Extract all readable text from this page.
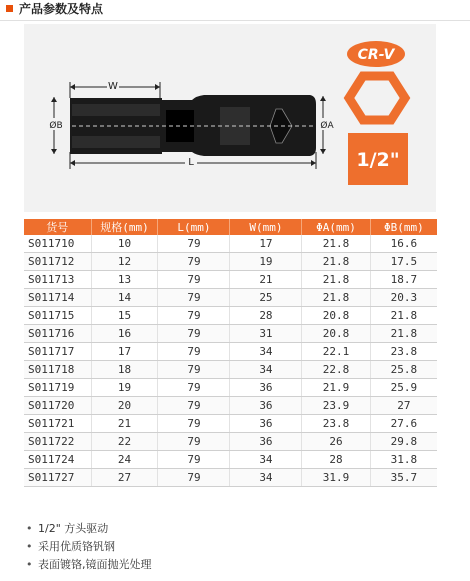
产品参数及特点
W
L
ØB	ØA
CR-V
1/2"
货号	规格(mm)	L(mm)	W(mm)	ΦA(mm)	ΦB(mm)
S011710	10	79	17	21.8	16.6
S011712	12	79	19	21.8	17.5
S011713	13	79	21	21.8	18.7
S011714	14	79	25	21.8	20.3
S011715	15	79	28	20.8	21.8
S011716	16	79	31	20.8	21.8
S011717	17	79	34	22.1	23.8
S011718	18	79	34	22.8	25.8
S011719	19	79	36	21.9	25.9
S011720	20	79	36	23.9	27
S011721	21	79	36	23.8	27.6
S011722	22	79	36	26	29.8
S011724	24	79	34	28	31.8
S011727	27	79	34	31.9	35.7
• 1/2" 方头驱动
• 采用优质铬钒钢
• 表面镀铬,镜面抛光处理
